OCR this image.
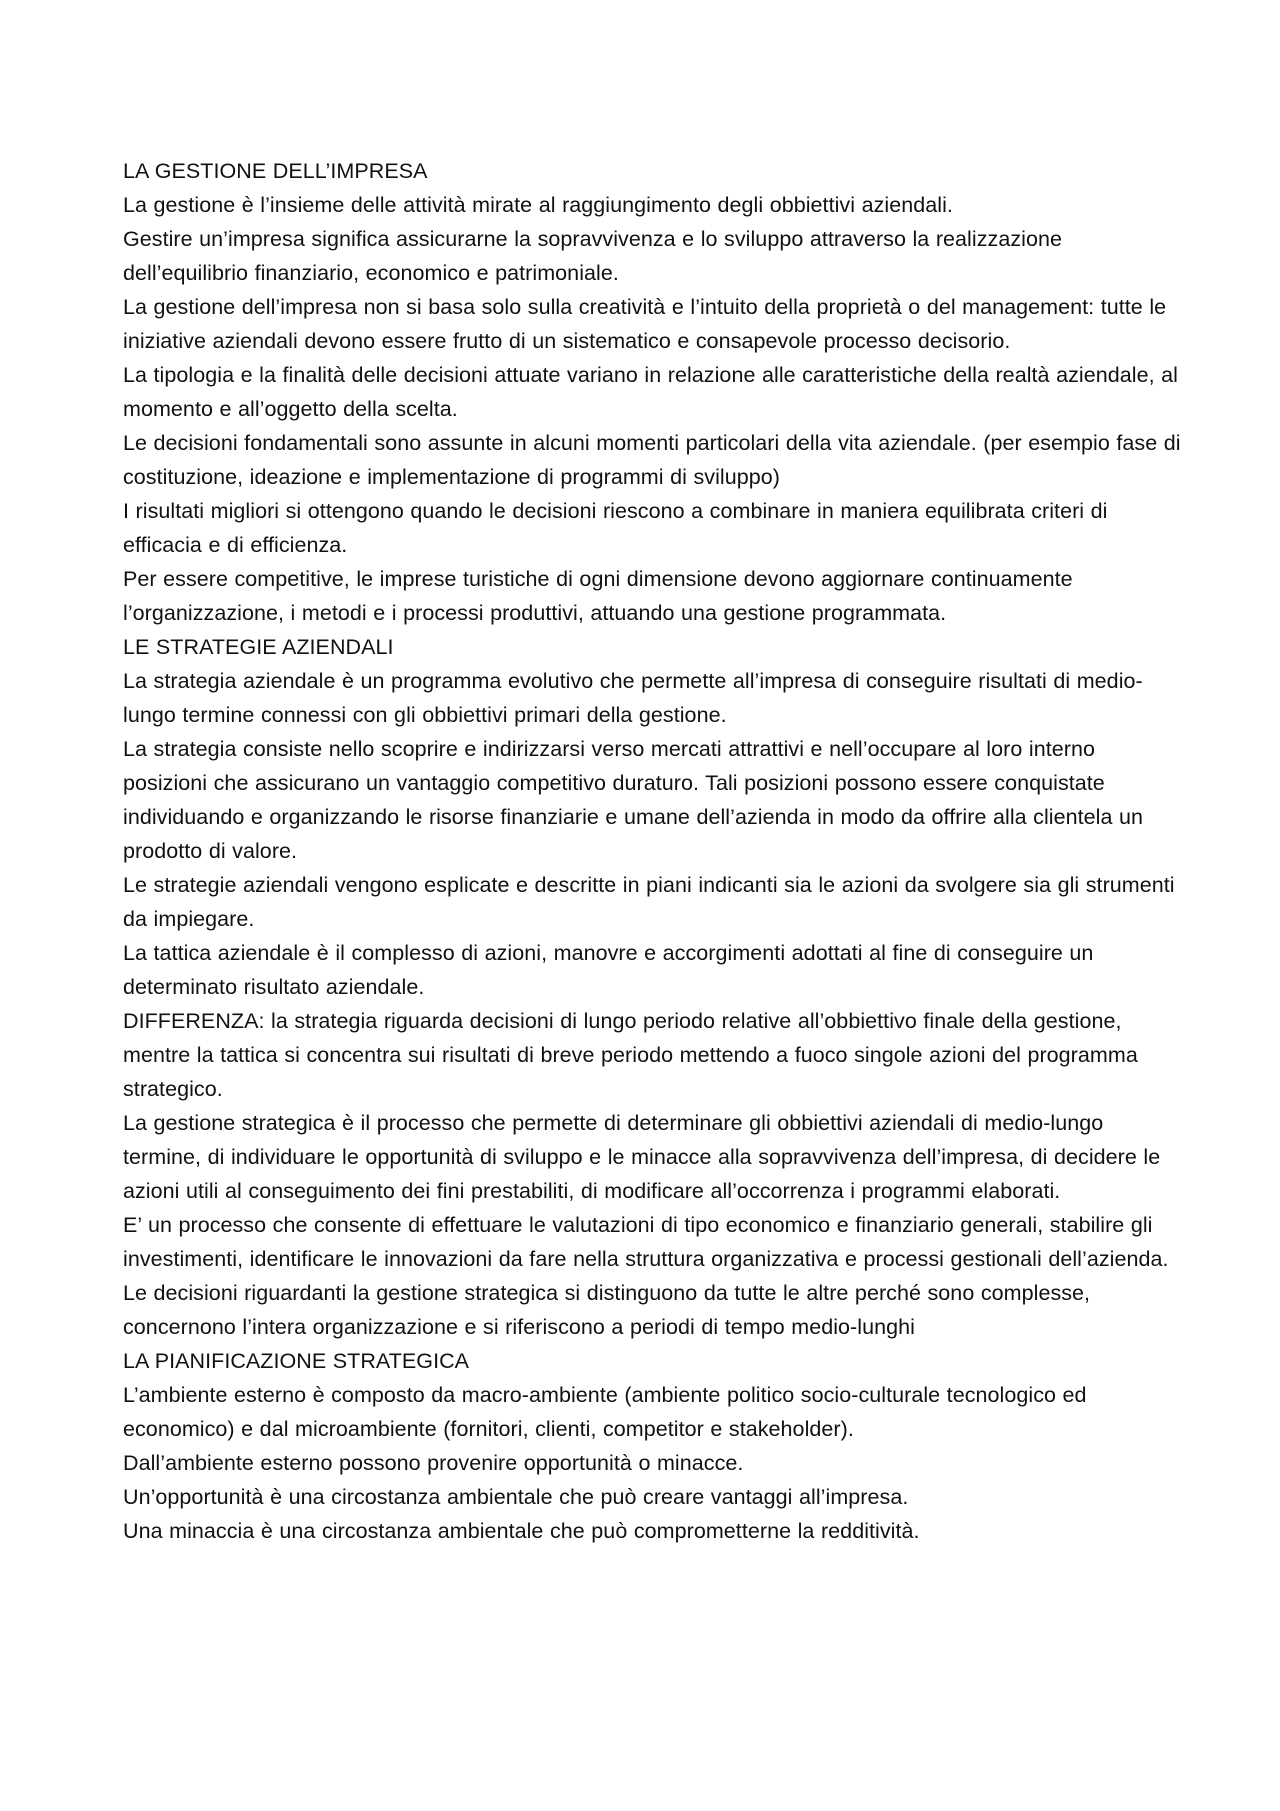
LA GESTIONE DELL’IMPRESA

La gestione è l’insieme delle attività mirate al raggiungimento degli obbiettivi aziendali.

Gestire un’impresa significa assicurarne la sopravvivenza e lo sviluppo attraverso la realizzazione dell’equilibrio finanziario, economico e patrimoniale.

La gestione dell’impresa non si basa solo sulla creatività e l’intuito della proprietà o del management: tutte le iniziative aziendali devono essere frutto di un sistematico e consapevole processo decisorio.

La tipologia e la finalità delle decisioni attuate variano in relazione alle caratteristiche della realtà aziendale, al momento e all’oggetto della scelta.

Le decisioni fondamentali sono assunte in alcuni momenti particolari della vita aziendale. (per esempio fase di costituzione, ideazione e implementazione di programmi di sviluppo)

I risultati migliori si ottengono quando le decisioni riescono a combinare in maniera equilibrata criteri di efficacia e di efficienza.

Per essere competitive, le imprese turistiche di ogni dimensione devono aggiornare continuamente l’organizzazione, i metodi e i processi produttivi, attuando una gestione programmata.

LE STRATEGIE AZIENDALI

La strategia aziendale è un programma evolutivo che permette all’impresa di conseguire risultati di medio-lungo termine connessi con gli obbiettivi primari della gestione.

La strategia consiste nello scoprire e indirizzarsi verso mercati attrattivi e nell’occupare al loro interno posizioni che assicurano un vantaggio competitivo duraturo. Tali posizioni possono essere conquistate individuando e organizzando le risorse finanziarie e umane dell’azienda in modo da offrire alla clientela un prodotto di valore.

Le strategie aziendali vengono esplicate e descritte in piani indicanti sia le azioni da svolgere sia gli strumenti da impiegare.

La tattica aziendale è il complesso di azioni, manovre e accorgimenti adottati al fine di conseguire un determinato risultato aziendale.

DIFFERENZA: la strategia riguarda decisioni di lungo periodo relative all’obbiettivo finale della gestione, mentre la tattica si concentra sui risultati di breve periodo mettendo a fuoco singole azioni del programma strategico.

La gestione strategica è il processo che permette di determinare gli obbiettivi aziendali di medio-lungo termine, di individuare le opportunità di sviluppo e le minacce alla sopravvivenza dell’impresa, di decidere le azioni utili al conseguimento dei fini prestabiliti, di modificare all’occorrenza i programmi elaborati.

E’ un processo che consente di effettuare le valutazioni di tipo economico e finanziario generali, stabilire gli investimenti, identificare le innovazioni da fare nella struttura organizzativa e processi gestionali dell’azienda.

Le decisioni riguardanti la gestione strategica si distinguono da tutte le altre perché sono complesse, concernono l’intera organizzazione e si riferiscono a periodi di tempo medio-lunghi

LA PIANIFICAZIONE STRATEGICA

L’ambiente esterno è composto da macro-ambiente (ambiente politico socio-culturale tecnologico ed economico) e dal microambiente (fornitori, clienti, competitor e stakeholder).

Dall’ambiente esterno possono provenire opportunità o minacce.

Un’opportunità è una circostanza ambientale che può creare vantaggi all’impresa.

Una minaccia è una circostanza ambientale che può comprometterne la redditività.
